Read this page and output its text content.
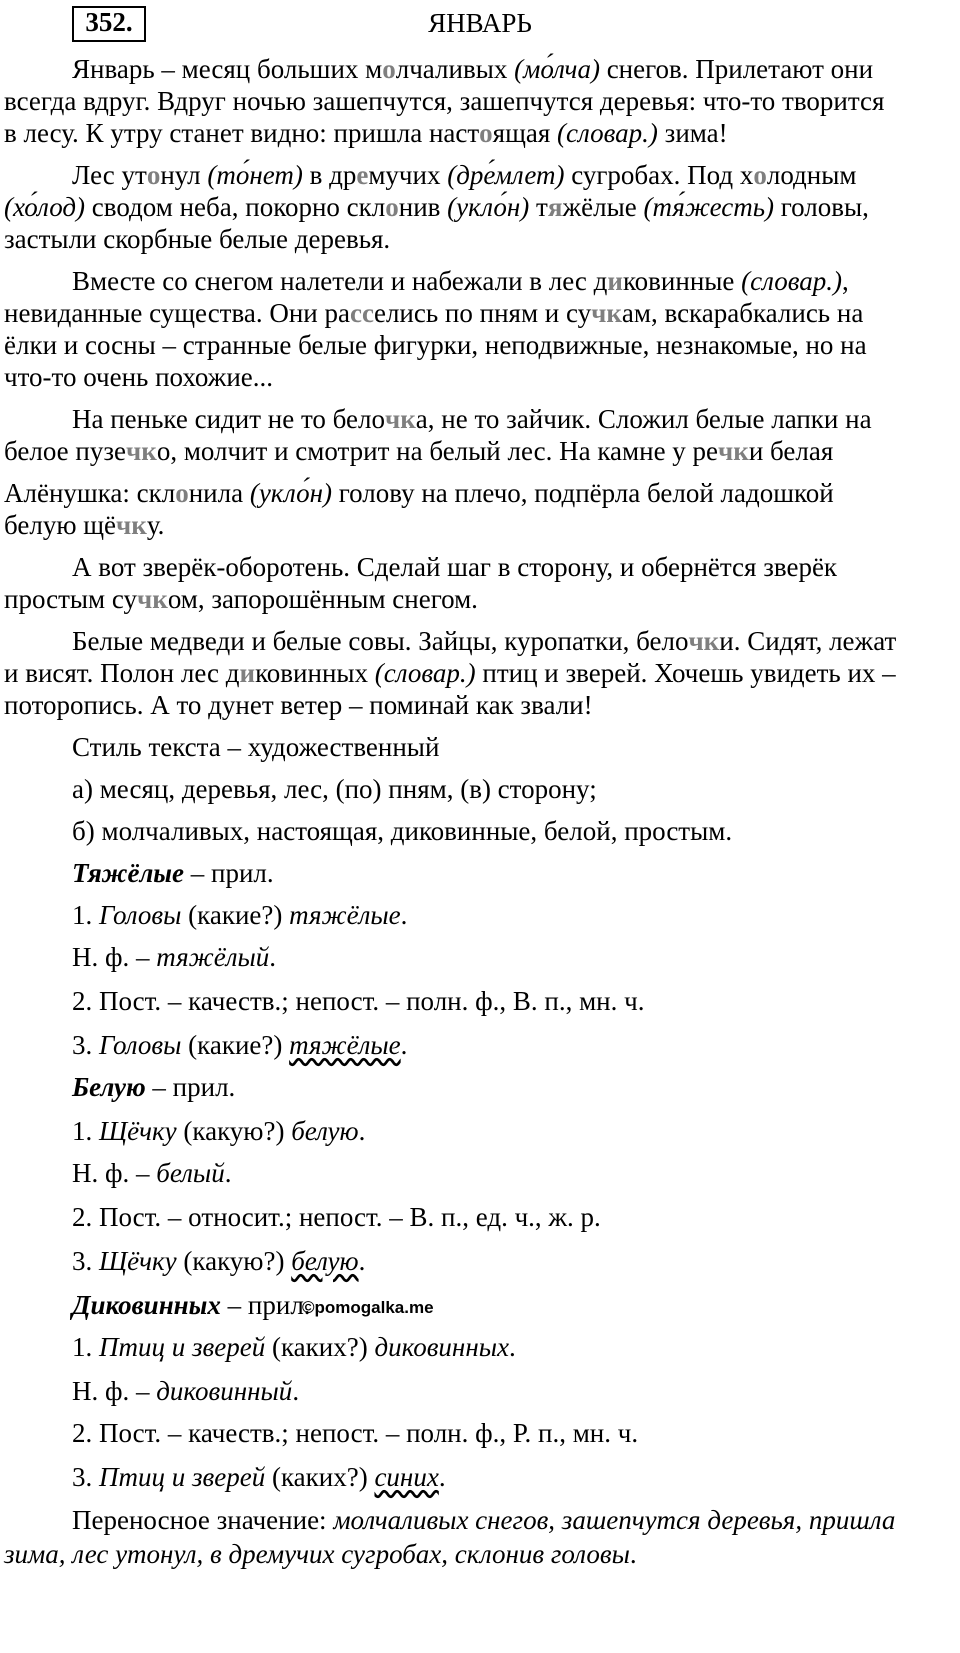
352.	ЯНВАРЬ
Январь – месяц больших молчаливых (мо́лча) снегов. Прилетают они
всегда вдруг. Вдруг ночью зашепчутся, зашепчутся деревья: что-то творится
в лесу. К утру станет видно: пришла настоящая (словар.) зима!
Лес утонул (то́нет) в дремучих (дре́млет) сугробах. Под холодным
(хо́лод) сводом неба, покорно склонив (укло́н) тяжёлые (тя́жесть) головы,
застыли скорбные белые деревья.
Вместе со снегом налетели и набежали в лес диковинные (словар.),
невиданные существа. Они расселись по пням и сучкам, вскарабкались на
ёлки и сосны – странные белые фигурки, неподвижные, незнакомые, но на
что-то очень похожие...
На пеньке сидит не то белочка, не то зайчик. Сложил белые лапки на
белое пузечко, молчит и смотрит на белый лес. На камне у речки белая
Алёнушка: склонила (укло́н) голову на плечо, подпёрла белой ладошкой
белую щёчку.
А вот зверёк-оборотень. Сделай шаг в сторону, и обернётся зверёк
простым сучком, запорошённым снегом.
Белые медведи и белые совы. Зайцы, куропатки, белочки. Сидят, лежат
и висят. Полон лес диковинных (словар.) птиц и зверей. Хочешь увидеть их –
поторопись. А то дунет ветер – поминай как звали!
Стиль текста – художественный
а) месяц, деревья, лес, (по) пням, (в) сторону;
б) молчаливых, настоящая, диковинные, белой, простым.
Тяжёлые – прил.
1. Головы (какие?) тяжёлые.
Н. ф. – тяжёлый.
2. Пост. – качеств.; непост. – полн. ф., В. п., мн. ч.
3. Головы (какие?) тяжёлые.
Белую – прил.
1. Щёчку (какую?) белую.
Н. ф. – белый.
2. Пост. – относит.; непост. – В. п., ед. ч., ж. р.
3. Щёчку (какую?) белую.
Диковинных – прил.
1. Птиц и зверей (каких?) диковинных.
Н. ф. – диковинный.
2. Пост. – качеств.; непост. – полн. ф., Р. п., мн. ч.
3. Птиц и зверей (каких?) синих.
Переносное значение: молчаливых снегов, зашепчутся деревья, пришла
зима, лес утонул, в дремучих сугробах, склонив головы.
©pomogalka.me
